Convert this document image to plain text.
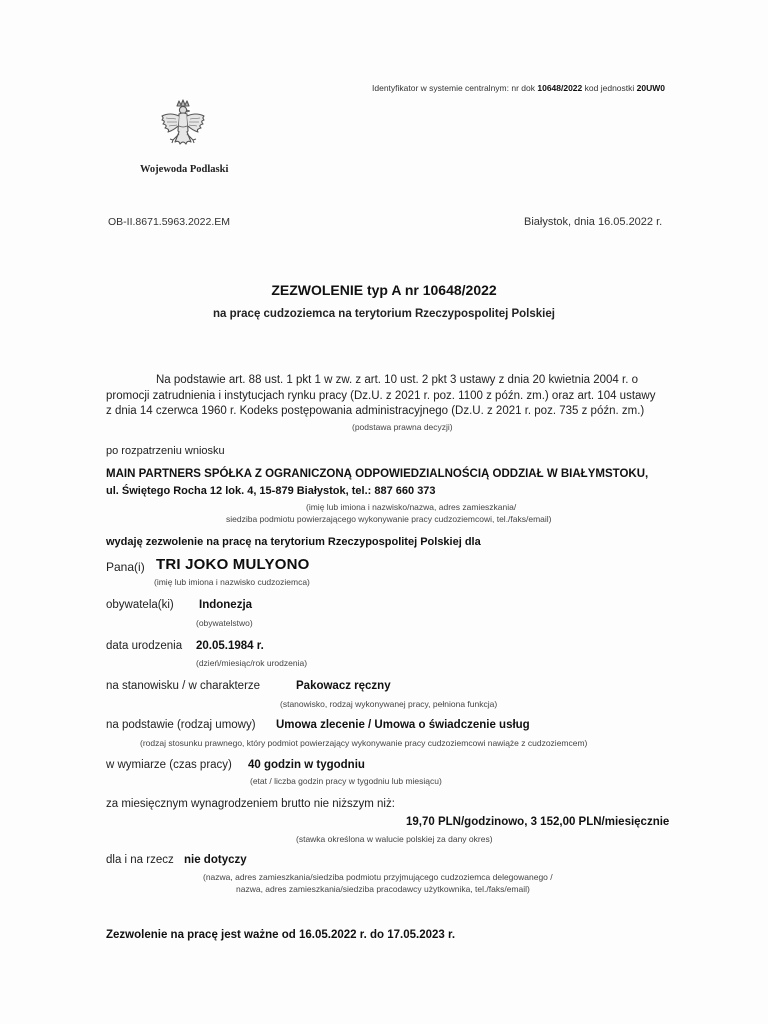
Identyfikator w systemie centralnym: nr dok 10648/2022 kod jednostki 20UW0
Wojewoda Podlaski
OB-II.8671.5963.2022.EM	Białystok, dnia 16.05.2022 r.
ZEZWOLENIE typ A nr 10648/2022
na pracę cudzoziemca na terytorium Rzeczypospolitej Polskiej
Na podstawie art. 88 ust. 1 pkt 1 w zw. z art. 10 ust. 2 pkt 3 ustawy z dnia 20 kwietnia 2004 r. o
promocji zatrudnienia i instytucjach rynku pracy (Dz.U. z 2021 r. poz. 1100 z późn. zm.) oraz art. 104 ustawy
z dnia 14 czerwca 1960 r. Kodeks postępowania administracyjnego (Dz.U. z 2021 r. poz. 735 z późn. zm.)
(podstawa prawna decyzji)
po rozpatrzeniu wniosku
MAIN PARTNERS SPÓŁKA Z OGRANICZONĄ ODPOWIEDZIALNOŚCIĄ ODDZIAŁ W BIAŁYMSTOKU,
ul. Świętego Rocha 12 lok. 4, 15-879 Białystok, tel.: 887 660 373
(imię lub imiona i nazwisko/nazwa, adres zamieszkania/
siedziba podmiotu powierzającego wykonywanie pracy cudzoziemcowi, tel./faks/email)
wydaję zezwolenie na pracę na terytorium Rzeczypospolitej Polskiej dla
Pana(i) TRI JOKO MULYONO
(imię lub imiona i nazwisko cudzoziemca)
obywatela(ki) Indonezja
(obywatelstwo)
data urodzenia 20.05.1984 r.
(dzień/miesiąc/rok urodzenia)
na stanowisku / w charakterze	Pakowacz ręczny
(stanowisko, rodzaj wykonywanej pracy, pełniona funkcja)
na podstawie (rodzaj umowy) Umowa zlecenie / Umowa o świadczenie usług
(rodzaj stosunku prawnego, który podmiot powierzający wykonywanie pracy cudzoziemcowi nawiąże z cudzoziemcem)
w wymiarze (czas pracy) 40 godzin w tygodniu
(etat / liczba godzin pracy w tygodniu lub miesiącu)
za miesięcznym wynagrodzeniem brutto nie niższym niż:
19,70 PLN/godzinowo, 3 152,00 PLN/miesięcznie
(stawka określona w walucie polskiej za dany okres)
dla i na rzecz nie dotyczy
(nazwa, adres zamieszkania/siedziba podmiotu przyjmującego cudzoziemca delegowanego /
nazwa, adres zamieszkania/siedziba pracodawcy użytkownika, tel./faks/email)
Zezwolenie na pracę jest ważne od 16.05.2022 r. do 17.05.2023 r.
